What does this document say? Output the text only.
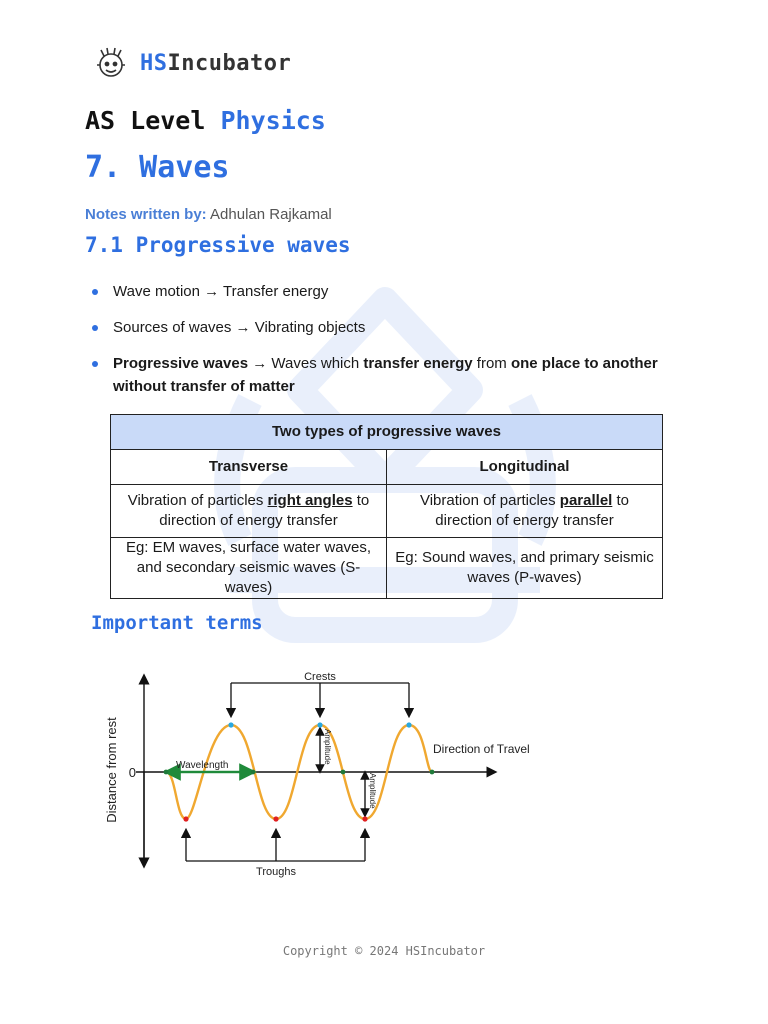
HSIncubator
AS Level Physics
7. Waves
Notes written by: Adhulan Rajkamal
7.1 Progressive waves
Wave motion → Transfer energy
Sources of waves → Vibrating objects
Progressive waves → Waves which transfer energy from one place to another without transfer of matter
Two types of progressive waves	
Transverse	Longitudinal
Vibration of particles right angles to direction of energy transfer	Vibration of particles parallel to direction of energy transfer
Eg: EM waves, surface water waves, and secondary seismic waves (S-waves)	Eg: Sound waves, and primary seismic waves (P-waves)
Important terms
Distance from rest 0
Crests
Troughs
Wavelength
Amplitude
Amplitude
Direction of Travel
Copyright © 2024 HSIncubator
